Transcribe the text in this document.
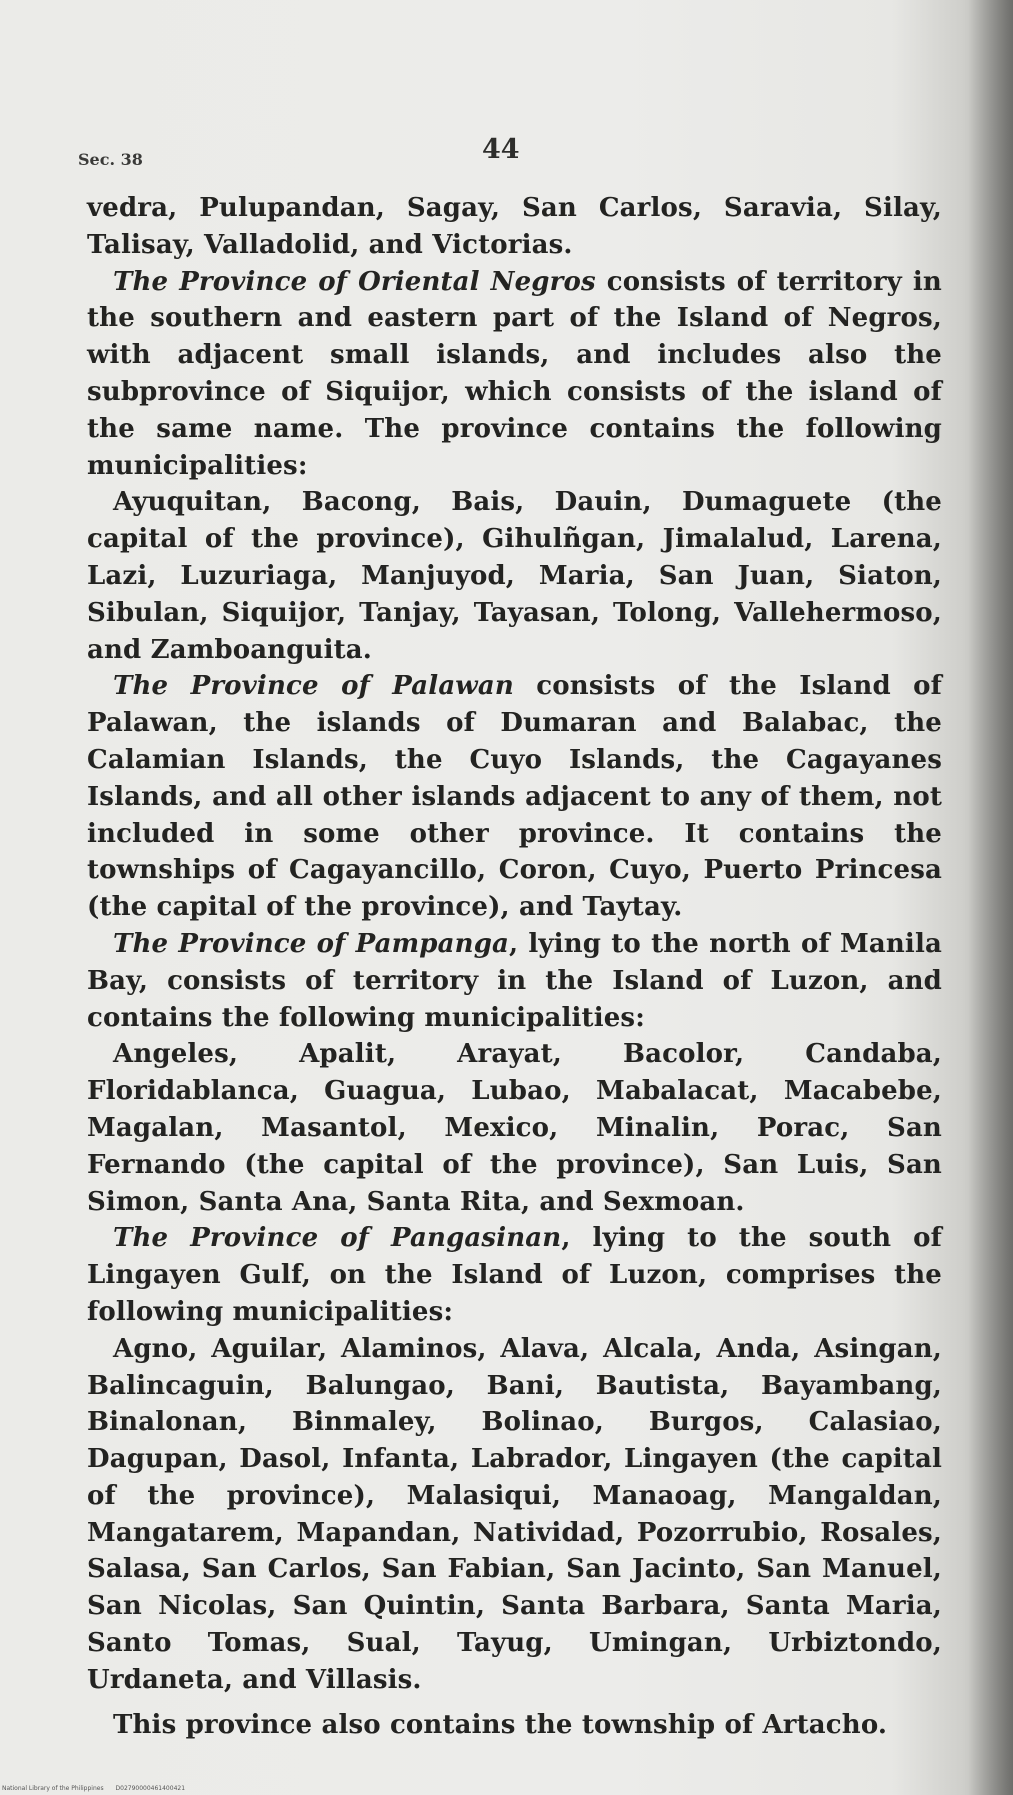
Sec. 38	44

vedra, Pulupandan, Sagay, San Carlos, Saravia, Silay, Talisay, Valladolid, and Victorias.

The Province of Oriental Negros consists of territory in the southern and eastern part of the Island of Negros, with adjacent small islands, and includes also the subprovince of Siquijor, which consists of the island of the same name. The province contains the following municipalities:

Ayuquitan, Bacong, Bais, Dauin, Dumaguete (the capital of the province), Gihulñgan, Jimalalud, Larena, Lazi, Luzuriaga, Manjuyod, Maria, San Juan, Siaton, Sibulan, Siquijor, Tanjay, Tayasan, Tolong, Vallehermoso, and Zamboanguita.

The Province of Palawan consists of the Island of Palawan, the islands of Dumaran and Balabac, the Calamian Islands, the Cuyo Islands, the Cagayanes Islands, and all other islands adjacent to any of them, not included in some other province. It contains the townships of Cagayancillo, Coron, Cuyo, Puerto Princesa (the capital of the province), and Taytay.

The Province of Pampanga, lying to the north of Manila Bay, consists of territory in the Island of Luzon, and contains the following municipalities:

Angeles, Apalit, Arayat, Bacolor, Candaba, Floridablanca, Guagua, Lubao, Mabalacat, Macabebe, Magalan, Masantol, Mexico, Minalin, Porac, San Fernando (the capital of the province), San Luis, San Simon, Santa Ana, Santa Rita, and Sexmoan.

The Province of Pangasinan, lying to the south of Lingayen Gulf, on the Island of Luzon, comprises the following municipalities:

Agno, Aguilar, Alaminos, Alava, Alcala, Anda, Asingan, Balincaguin, Balungao, Bani, Bautista, Bayambang, Binalonan, Binmaley, Bolinao, Burgos, Calasiao, Dagupan, Dasol, Infanta, Labrador, Lingayen (the capital of the province), Malasiqui, Manaoag, Mangaldan, Mangatarem, Mapandan, Natividad, Pozorrubio, Rosales, Salasa, San Carlos, San Fabian, San Jacinto, San Manuel, San Nicolas, San Quintin, Santa Barbara, Santa Maria, Santo Tomas, Sual, Tayug, Umingan, Urbiztondo, Urdaneta, and Villasis.

This province also contains the township of Artacho.

National Library of the Philippines D02790000461400421
